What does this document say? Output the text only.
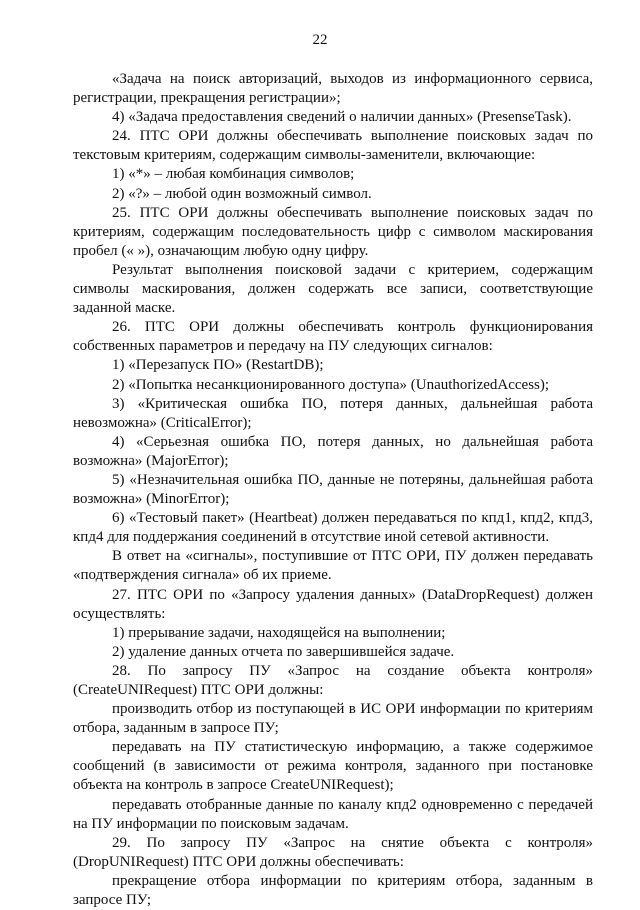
22

«Задача на поиск авторизаций, выходов из информационного сервиса, регистрации, прекращения регистрации»;

4) «Задача предоставления сведений о наличии данных» (PresenseTask).

24. ПТС ОРИ должны обеспечивать выполнение поисковых задач по текстовым критериям, содержащим символы-заменители, включающие:

1) «*» – любая комбинация символов;

2) «?» – любой один возможный символ.

25. ПТС ОРИ должны обеспечивать выполнение поисковых задач по критериям, содержащим последовательность цифр с символом маскирования пробел (« »), означающим любую одну цифру.

Результат выполнения поисковой задачи с критерием, содержащим символы маскирования, должен содержать все записи, соответствующие заданной маске.

26. ПТС ОРИ должны обеспечивать контроль функционирования собственных параметров и передачу на ПУ следующих сигналов:

1) «Перезапуск ПО» (RestartDB);

2) «Попытка несанкционированного доступа» (UnauthorizedAccess);

3) «Критическая ошибка ПО, потеря данных, дальнейшая работа невозможна» (CriticalError);

4) «Серьезная ошибка ПО, потеря данных, но дальнейшая работа возможна» (MajorError);

5) «Незначительная ошибка ПО, данные не потеряны, дальнейшая работа возможна» (MinorError);

6) «Тестовый пакет» (Heartbeat) должен передаваться по кпд1, кпд2, кпд3, кпд4 для поддержания соединений в отсутствие иной сетевой активности.

В ответ на «сигналы», поступившие от ПТС ОРИ, ПУ должен передавать «подтверждения сигнала» об их приеме.

27. ПТС ОРИ по «Запросу удаления данных» (DataDropRequest) должен осуществлять:

1) прерывание задачи, находящейся на выполнении;

2) удаление данных отчета по завершившейся задаче.

28. По запросу ПУ «Запрос на создание объекта контроля» (CreateUNIRequest) ПТС ОРИ должны:

производить отбор из поступающей в ИС ОРИ информации по критериям отбора, заданным в запросе ПУ;

передавать на ПУ статистическую информацию, а также содержимое сообщений (в зависимости от режима контроля, заданного при постановке объекта на контроль в запросе CreateUNIRequest);

передавать отобранные данные по каналу кпд2 одновременно с передачей на ПУ информации по поисковым задачам.

29. По запросу ПУ «Запрос на снятие объекта с контроля» (DropUNIRequest) ПТС ОРИ должны обеспечивать:

прекращение отбора информации по критериям отбора, заданным в запросе ПУ;
